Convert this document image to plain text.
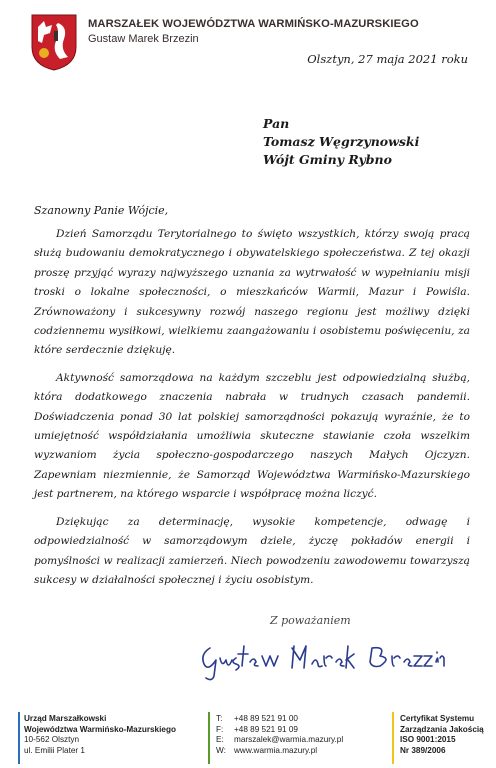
MARSZAŁEK WOJEWÓDZTWA WARMIŃSKO-MAZURSKIEGO
Gustaw Marek Brzezin
Olsztyn, 27 maja 2021 roku
Pan
Tomasz Węgrzynowski
Wójt Gminy Rybno
Szanowny Panie Wójcie,

Dzień Samorządu Terytorialnego to święto wszystkich, którzy swoją pracą służą budowaniu demokratycznego i obywatelskiego społeczeństwa. Z tej okazji proszę przyjąć wyrazy najwyższego uznania za wytrwałość w wypełnianiu misji troski o lokalne społeczności, o mieszkańców Warmii, Mazur i Powiśla. Zrównoważony i sukcesywny rozwój naszego regionu jest możliwy dzięki codziennemu wysiłkowi, wielkiemu zaangażowaniu i osobistemu poświęceniu, za które serdecznie dziękuję.

Aktywność samorządowa na każdym szczeblu jest odpowiedzialną służbą, która dodatkowego znaczenia nabrała w trudnych czasach pandemii. Doświadczenia ponad 30 lat polskiej samorządności pokazują wyraźnie, że to umiejętność współdziałania umożliwia skuteczne stawianie czoła wszelkim wyzwaniom życia społeczno-gospodarczego naszych Małych Ojczyzn. Zapewniam niezmiennie, że Samorząd Województwa Warmińsko-Mazurskiego jest partnerem, na którego wsparcie i współpracę można liczyć.

Dziękując za determinację, wysokie kompetencje, odwagę i odpowiedzialność w samorządowym dziele, życzę pokładów energii i pomyślności w realizacji zamierzeń. Niech powodzeniu zawodowemu towarzyszą sukcesy w działalności społecznej i życiu osobistym.

Z poważaniem
Urząd Marszałkowski
Województwa Warmińsko-Mazurskiego
10-562 Olsztyn
ul. Emilii Plater 1
T: +48 89 521 91 00
F: +48 89 521 91 09
E: marszalek@warmia.mazury.pl
W: www.warmia.mazury.pl
Certyfikat Systemu
Zarządzania Jakością
ISO 9001:2015
Nr 389/2006
